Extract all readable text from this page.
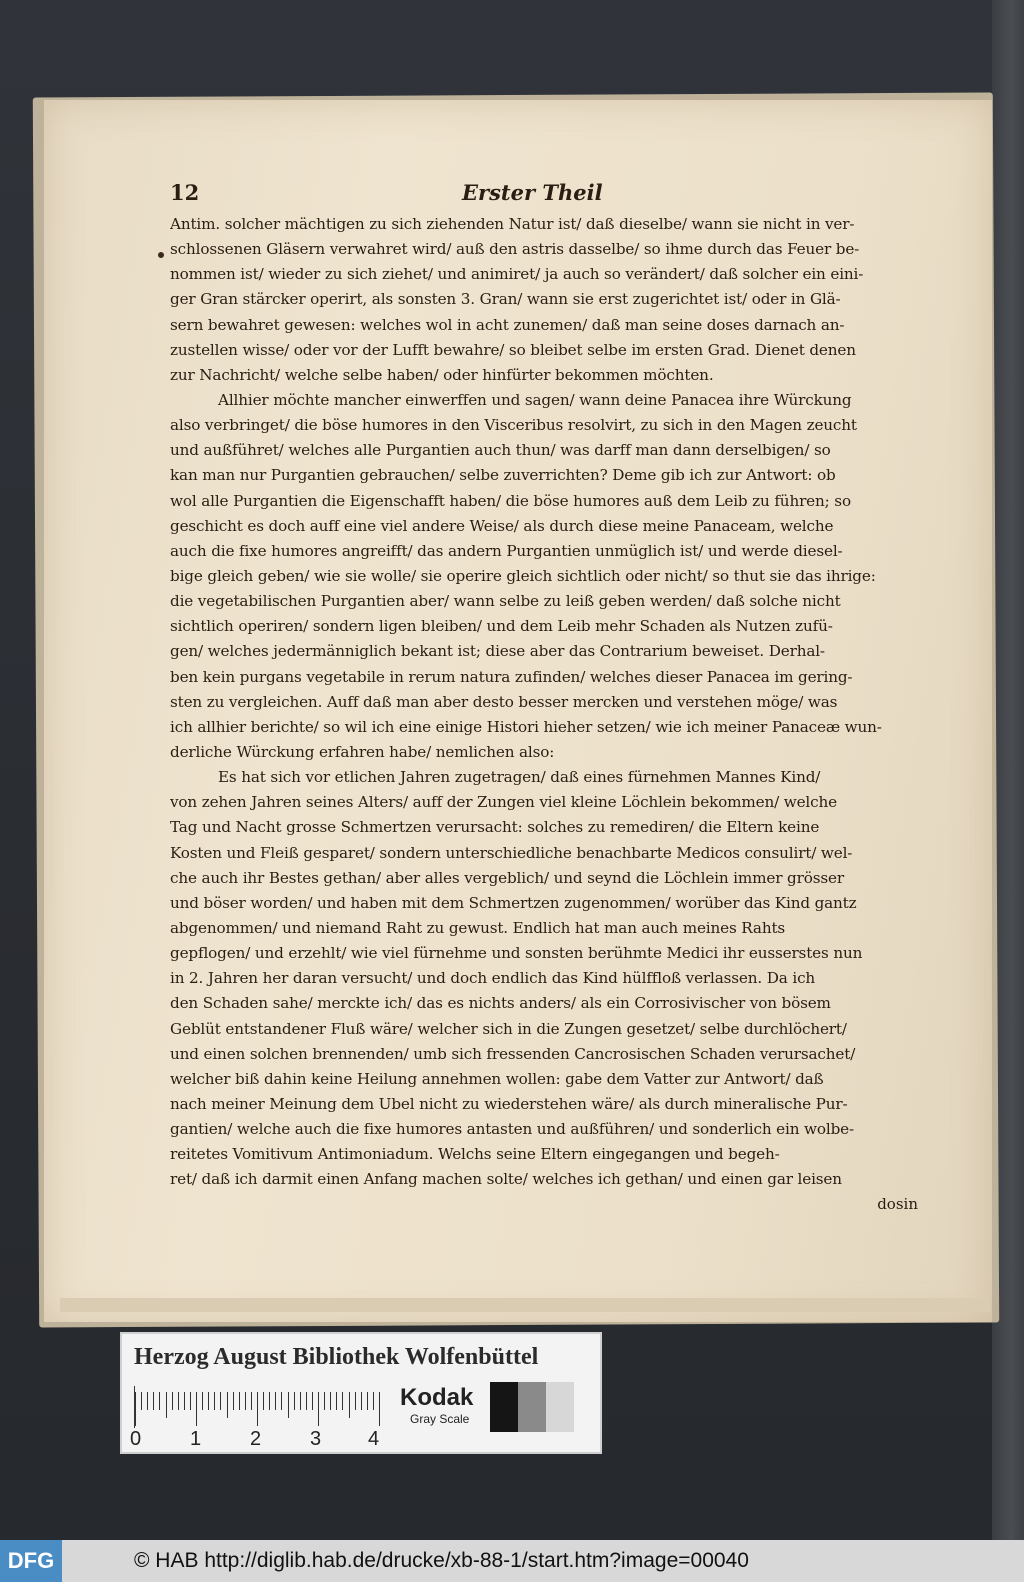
12	Erster Theil
Antim. solcher mächtigen zu sich ziehenden Natur ist/ daß dieselbe/ wann sie nicht in ver-
schlossenen Gläsern verwahret wird/ auß den astris dasselbe/ so ihme durch das Feuer be-
nommen ist/ wieder zu sich ziehet/ und animiret/ ja auch so verändert/ daß solcher ein eini-
ger Gran stärcker operirt, als sonsten 3. Gran/ wann sie erst zugerichtet ist/ oder in Glä-
sern bewahret gewesen: welches wol in acht zunemen/ daß man seine doses darnach an-
zustellen wisse/ oder vor der Lufft bewahre/ so bleibet selbe im ersten Grad. Dienet denen
zur Nachricht/ welche selbe haben/ oder hinfürter bekommen möchten.
Allhier möchte mancher einwerffen und sagen/ wann deine Panacea ihre Würckung
also verbringet/ die böse humores in den Visceribus resolvirt, zu sich in den Magen zeucht
und außführet/ welches alle Purgantien auch thun/ was darff man dann derselbigen/ so
kan man nur Purgantien gebrauchen/ selbe zuverrichten? Deme gib ich zur Antwort: ob
wol alle Purgantien die Eigenschafft haben/ die böse humores auß dem Leib zu führen; so
geschicht es doch auff eine viel andere Weise/ als durch diese meine Panaceam, welche
auch die fixe humores angreifft/ das andern Purgantien unmüglich ist/ und werde diesel-
bige gleich geben/ wie sie wolle/ sie operire gleich sichtlich oder nicht/ so thut sie das ihrige:
die vegetabilischen Purgantien aber/ wann selbe zu leiß geben werden/ daß solche nicht
sichtlich operiren/ sondern ligen bleiben/ und dem Leib mehr Schaden als Nutzen zufü-
gen/ welches jedermänniglich bekant ist; diese aber das Contrarium beweiset. Derhal-
ben kein purgans vegetabile in rerum natura zufinden/ welches dieser Panacea im gering-
sten zu vergleichen. Auff daß man aber desto besser mercken und verstehen möge/ was
ich allhier berichte/ so wil ich eine einige Histori hieher setzen/ wie ich meiner Panaceæ wun-
derliche Würckung erfahren habe/ nemlichen also:
Es hat sich vor etlichen Jahren zugetragen/ daß eines fürnehmen Mannes Kind/
von zehen Jahren seines Alters/ auff der Zungen viel kleine Löchlein bekommen/ welche
Tag und Nacht grosse Schmertzen verursacht: solches zu remediren/ die Eltern keine
Kosten und Fleiß gesparet/ sondern unterschiedliche benachbarte Medicos consulirt/ wel-
che auch ihr Bestes gethan/ aber alles vergeblich/ und seynd die Löchlein immer grösser
und böser worden/ und haben mit dem Schmertzen zugenommen/ worüber das Kind gantz
abgenommen/ und niemand Raht zu gewust. Endlich hat man auch meines Rahts
gepflogen/ und erzehlt/ wie viel fürnehme und sonsten berühmte Medici ihr eusserstes nun
in 2. Jahren her daran versucht/ und doch endlich das Kind hülffloß verlassen. Da ich
den Schaden sahe/ merckte ich/ das es nichts anders/ als ein Corrosivischer von bösem
Geblüt entstandener Fluß wäre/ welcher sich in die Zungen gesetzet/ selbe durchlöchert/
und einen solchen brennenden/ umb sich fressenden Cancrosischen Schaden verursachet/
welcher biß dahin keine Heilung annehmen wollen: gabe dem Vatter zur Antwort/ daß
nach meiner Meinung dem Ubel nicht zu wiederstehen wäre/ als durch mineralische Pur-
gantien/ welche auch die fixe humores antasten und außführen/ und sonderlich ein wolbe-
reitetes Vomitivum Antimoniadum. Welchs seine Eltern eingegangen und begeh-
ret/ daß ich darmit einen Anfang machen solte/ welches ich gethan/ und einen gar leisen
dosin
Herzog August Bibliothek Wolfenbüttel
0 1 2 3 4
Kodak
Gray Scale
DFG	© HAB http://diglib.hab.de/drucke/xb-88-1/start.htm?image=00040
